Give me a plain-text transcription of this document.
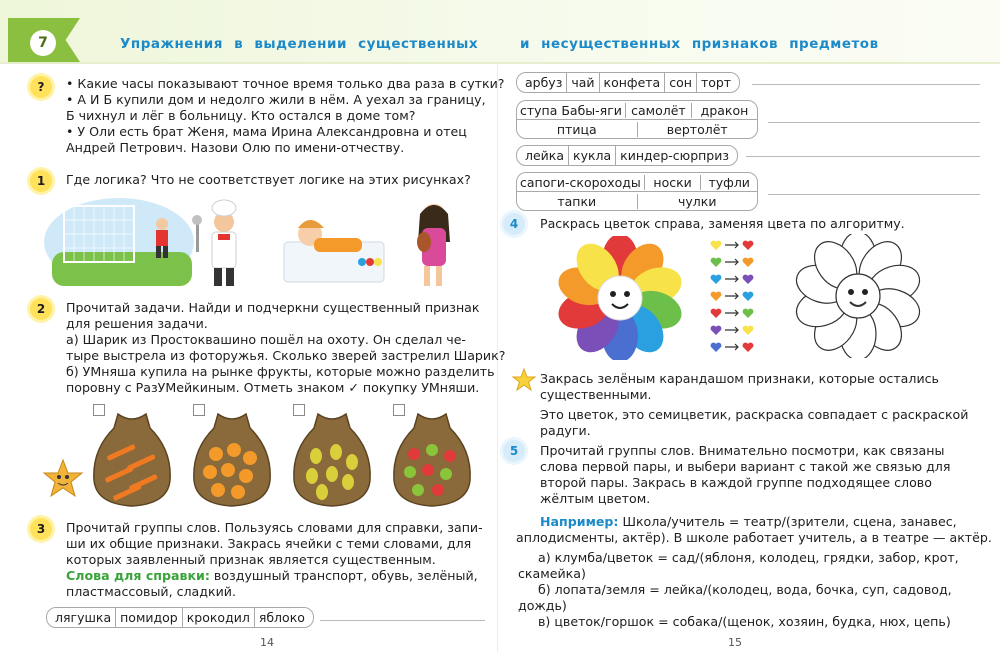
7	Упражнения в выделении существенных	и несущественных признаков предметов
?	• Какие часы показывают точное время только два раза в сутки?
• А И Б купили дом и недолго жили в нём. А уехал за границу,
Б чихнул и лёг в больницу. Кто остался в доме том?
• У Оли есть брат Женя, мама Ирина Александровна и отец
Андрей Петрович. Назови Олю по имени-отчеству.
1	Где логика? Что не соответствует логике на этих рисунках?
2	Прочитай задачи. Найди и подчеркни существенный признак
для решения задачи.
а) Шарик из Простоквашино пошёл на охоту. Он сделал че-
тыре выстрела из фоторужья. Сколько зверей застрелил Шарик?
б) УМняша купила на рынке фрукты, которые можно разделить
поровну с РазУМейкиным. Отметь знаком ✓ покупку УМняши.
3	Прочитай группы слов. Пользуясь словами для справки, запи-
ши их общие признаки. Закрась ячейки с теми словами, для
которых заявленный признак является существенным.
Слова для справки: воздушный транспорт, обувь, зелёный,
пластмассовый, сладкий.
лягушка помидор крокодил яблоко
14
арбуз чай конфета сон торт
ступа Бабы-яги самолёт	дракон
птица	вертолёт
лейка кукла киндер-сюрприз
сапоги-скороходы	носки	туфли
тапки	чулки
4	Раскрась цветок справа, заменяя цвета по алгоритму.
Закрась зелёным карандашом признаки, которые остались
существенными.
Это цветок, это семицветик, раскраска совпадает с раскраской
радуги.
5	Прочитай группы слов. Внимательно посмотри, как связаны
слова первой пары, и выбери вариант с такой же связью для
второй пары. Закрась в каждой группе подходящее слово
жёлтым цветом.
Например: Школа/учитель = театр/(зрители, сцена, занавес,
аплодисменты, актёр). В школе работает учитель, а в театре — актёр.
а) клумба/цветок = сад/(яблоня, колодец, грядки, забор, крот,
скамейка)
б) лопата/земля = лейка/(колодец, вода, бочка, суп, садовод,
дождь)
в) цветок/горшок = собака/(щенок, хозяин, будка, нюх, цепь)
15
